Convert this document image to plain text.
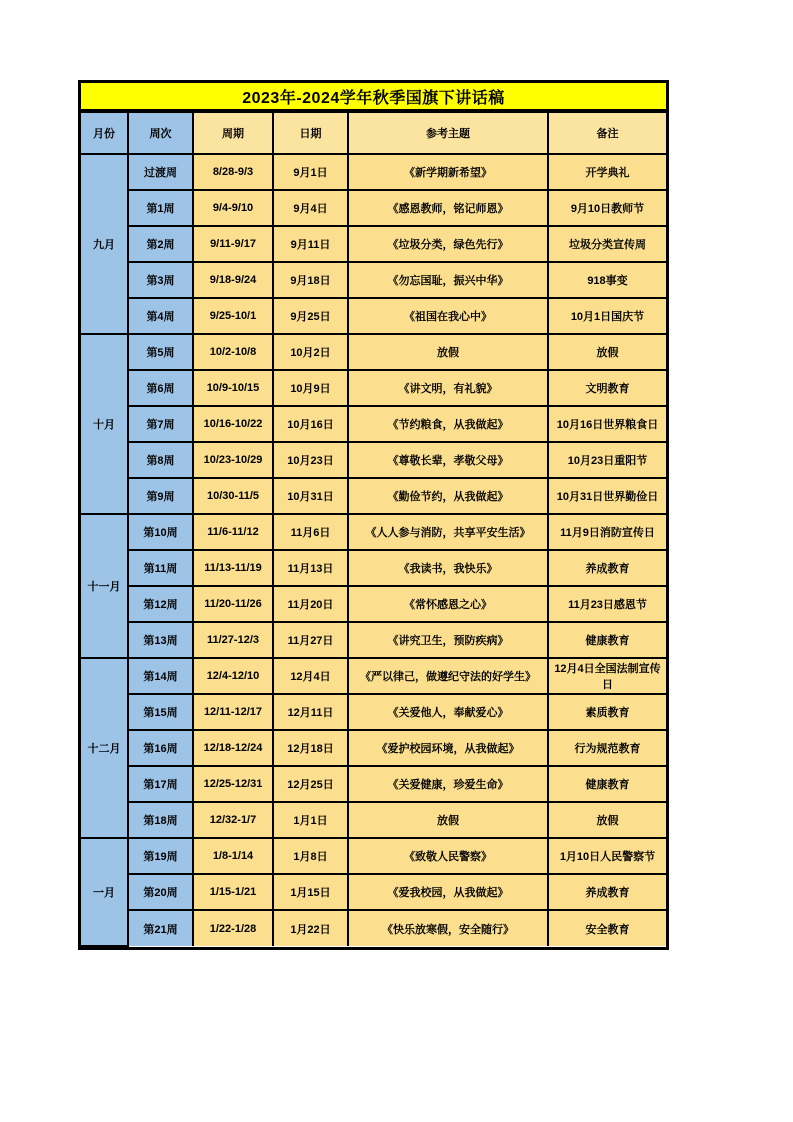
2023年-2024学年秋季国旗下讲话稿
月份	周次	周期	日期	参考主题	备注
九月	过渡周	8/28-9/3	9月1日	《新学期新希望》	开学典礼
	第1周	9/4-9/10	9月4日	《感恩教师，铭记师恩》	9月10日教师节
	第2周	9/11-9/17	9月11日	《垃圾分类，绿色先行》	垃圾分类宣传周
	第3周	9/18-9/24	9月18日	《勿忘国耻，振兴中华》	918事变
	第4周	9/25-10/1	9月25日	《祖国在我心中》	10月1日国庆节
十月	第5周	10/2-10/8	10月2日	放假	放假
	第6周	10/9-10/15	10月9日	《讲文明，有礼貌》	文明教育
	第7周	10/16-10/22	10月16日	《节约粮食，从我做起》	10月16日世界粮食日
	第8周	10/23-10/29	10月23日	《尊敬长辈，孝敬父母》	10月23日重阳节
	第9周	10/30-11/5	10月31日	《勤俭节约，从我做起》	10月31日世界勤俭日
十一月	第10周	11/6-11/12	11月6日	《人人参与消防，共享平安生活》	11月9日消防宣传日
	第11周	11/13-11/19	11月13日	《我读书，我快乐》	养成教育
	第12周	11/20-11/26	11月20日	《常怀感恩之心》	11月23日感恩节
	第13周	11/27-12/3	11月27日	《讲究卫生，预防疾病》	健康教育
十二月	第14周	12/4-12/10	12月4日	《严以律己，做遵纪守法的好学生》	12月4日全国法制宣传日
	第15周	12/11-12/17	12月11日	《关爱他人，奉献爱心》	素质教育
	第16周	12/18-12/24	12月18日	《爱护校园环境，从我做起》	行为规范教育
	第17周	12/25-12/31	12月25日	《关爱健康，珍爱生命》	健康教育
	第18周	12/32-1/7	1月1日	放假	放假
一月	第19周	1/8-1/14	1月8日	《致敬人民警察》	1月10日人民警察节
	第20周	1/15-1/21	1月15日	《爱我校园，从我做起》	养成教育
	第21周	1/22-1/28	1月22日	《快乐放寒假，安全随行》	安全教育
